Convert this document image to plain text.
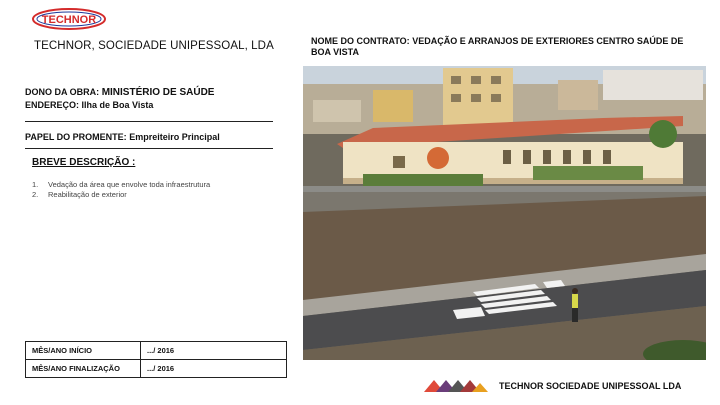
TECHNOR
TECHNOR, SOCIEDADE UNIPESSOAL, LDA
DONO DA OBRA: MINISTÉRIO DE SAÚDE
ENDEREÇO: Ilha de Boa Vista
PAPEL DO PROMENTE: Empreiteiro Principal
BREVE DESCRIÇÃO :
1. Vedação da área que envolve toda infraestrutura
2. Reabilitação de exterior
MÊS/ANO INÍCIO	.../ 2016
MÊS/ANO FINALIZAÇÃO	.../ 2016
NOME DO CONTRATO: VEDAÇÃO E ARRANJOS DE EXTERIORES CENTRO SAÚDE DE BOA VISTA
TECHNOR SOCIEDADE UNIPESSOAL LDA
